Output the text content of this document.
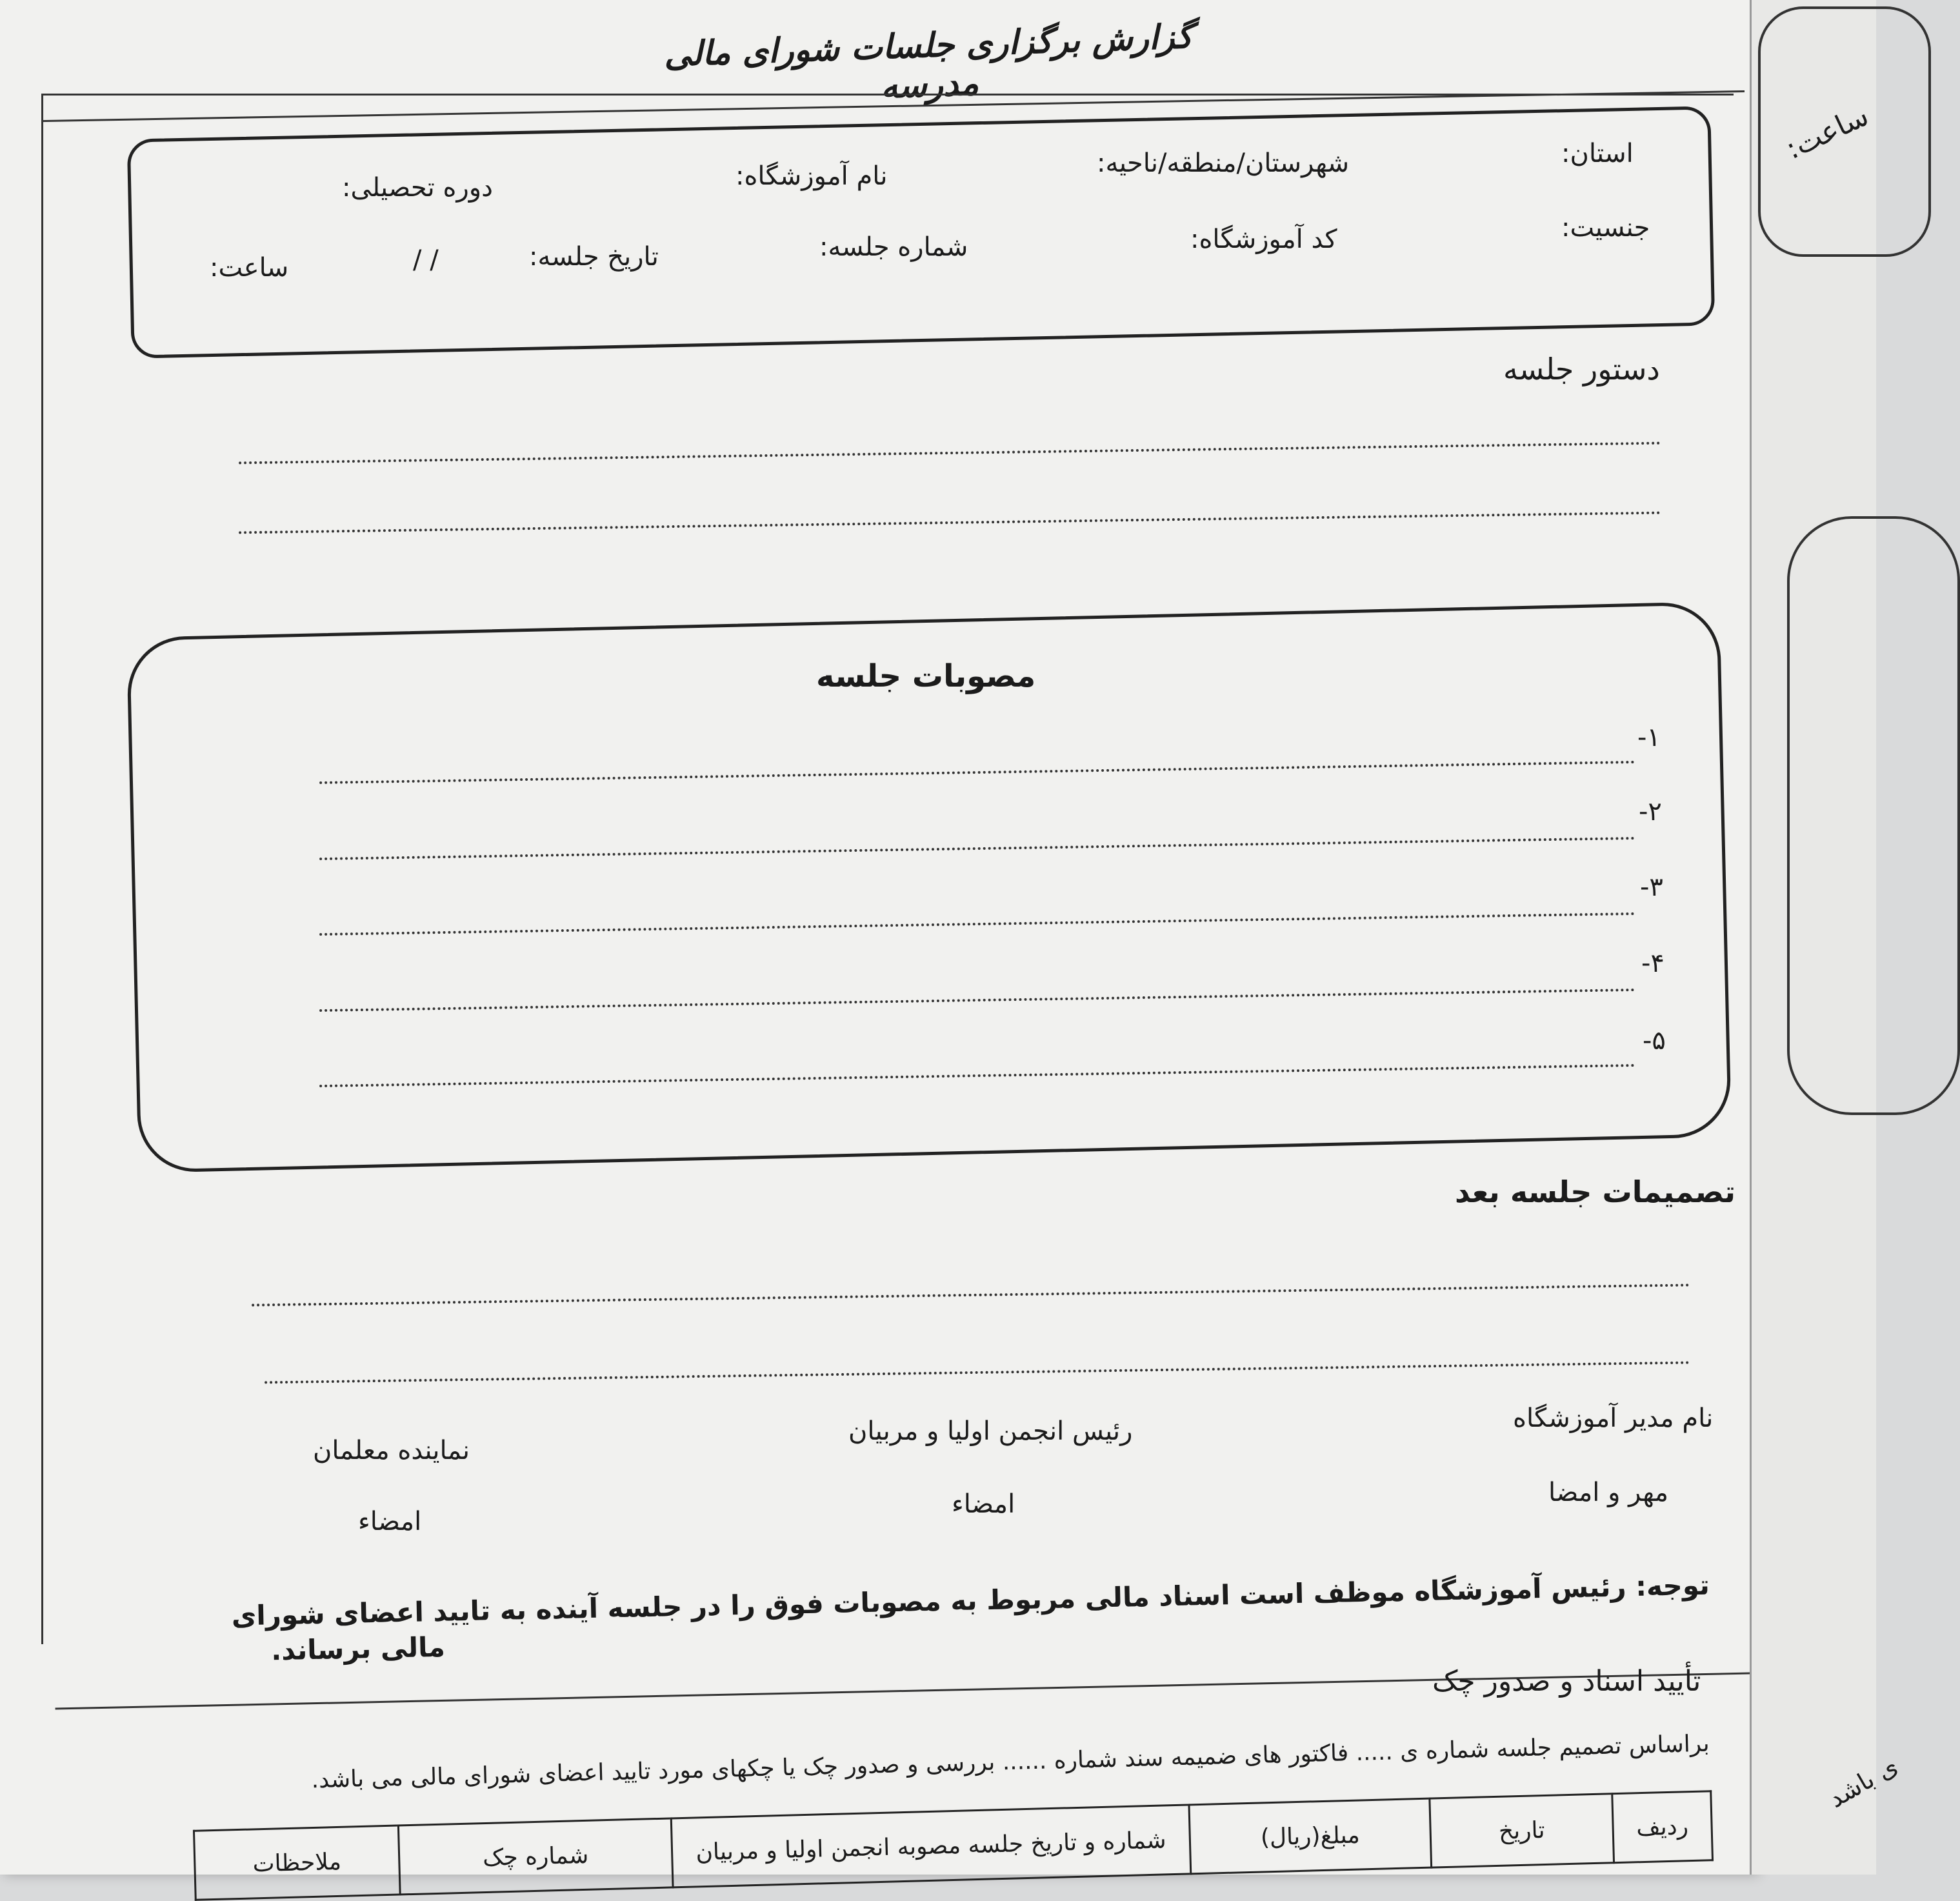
گزارش برگزاری جلسات شورای مالی مدرسه
استان:
شهرستان/منطقه/ناحیه:
نام آموزشگاه:
دوره تحصیلی:
جنسیت:
کد آموزشگاه:
شماره جلسه:
تاریخ جلسه:
/ /
ساعت:
دستور جلسه
مصوبات جلسه
-۱
-۲
-۳
-۴
-۵
تصمیمات جلسه بعد
نام مدیر آموزشگاه
مهر و امضا
رئیس انجمن اولیا و مربیان
امضاء
نماینده معلمان
امضاء
توجه: رئیس آموزشگاه موظف است اسناد مالی مربوط به مصوبات فوق را در جلسه آینده به تایید اعضای شورای
مالی برساند.
تأیید اسناد و صدور چک
براساس تصمیم جلسه شماره ی ..... فاکتور های ضمیمه سند شماره ...... بررسی و صدور چک یا چکهای مورد تایید اعضای شورای مالی می باشد.
ردیف	تاریخ	مبلغ(ریال)	شماره و تاریخ جلسه مصوبه انجمن اولیا و مربیان	شماره چک	ملاحظات
ساعت:
ی باشد
